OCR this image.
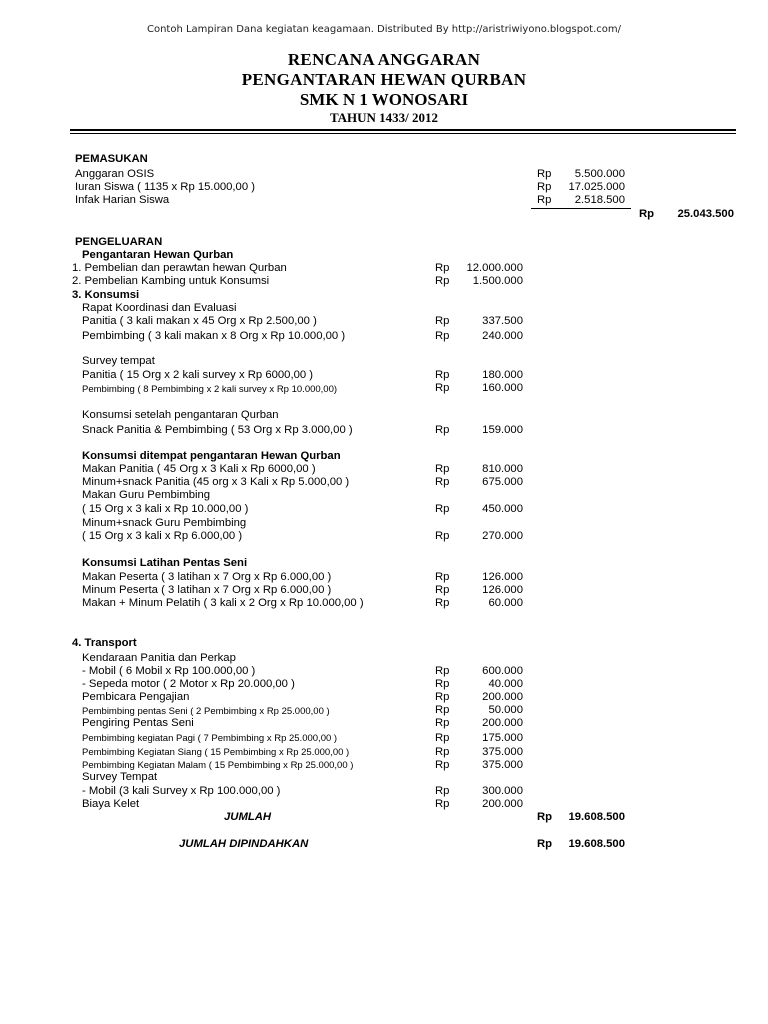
Contoh Lampiran Dana kegiatan keagamaan. Distributed By http://aristriwiyono.blogspot.com/
RENCANA ANGGARAN
PENGANTARAN HEWAN QURBAN
SMK N 1 WONOSARI
TAHUN 1433/ 2012
PEMASUKAN
Anggaran OSIS	Rp	5.500.000
Iuran Siswa ( 1135 x Rp 15.000,00 )	Rp	17.025.000
Infak Harian Siswa	Rp	2.518.500
Rp	25.043.500
PENGELUARAN
Pengantaran Hewan Qurban
1. Pembelian dan perawtan hewan Qurban	Rp	12.000.000
2. Pembelian Kambing untuk Konsumsi	Rp	1.500.000
3. Konsumsi
Rapat Koordinasi dan Evaluasi
Panitia ( 3 kali makan x 45 Org x Rp 2.500,00 )	Rp	337.500
Pembimbing ( 3 kali makan x 8 Org x Rp 10.000,00 )	Rp	240.000
Survey tempat
Panitia ( 15 Org x 2 kali survey x Rp 6000,00 )	Rp	180.000
Pembimbing ( 8 Pembimbing x 2 kali survey x Rp 10.000,00)	Rp	160.000
Konsumsi setelah pengantaran Qurban
Snack Panitia & Pembimbing ( 53 Org x Rp 3.000,00 )	Rp	159.000
Konsumsi ditempat pengantaran Hewan Qurban
Makan Panitia ( 45 Org x 3 Kali x Rp 6000,00 )	Rp	810.000
Minum+snack Panitia (45 org x 3 Kali x Rp 5.000,00 )	Rp	675.000
Makan Guru Pembimbing
( 15 Org x 3 kali x Rp 10.000,00 )	Rp	450.000
Minum+snack Guru Pembimbing
( 15 Org x 3 kali x Rp 6.000,00 )	Rp	270.000
Konsumsi Latihan Pentas Seni
Makan Peserta ( 3 latihan x 7 Org x Rp 6.000,00 )	Rp	126.000
Minum Peserta ( 3 latihan x 7 Org x Rp 6.000,00 )	Rp	126.000
Makan + Minum Pelatih ( 3 kali x 2 Org x Rp 10.000,00 )	Rp	60.000
4. Transport
Kendaraan Panitia dan Perkap
- Mobil ( 6 Mobil x Rp 100.000,00 )	Rp	600.000
- Sepeda motor ( 2 Motor x Rp 20.000,00 )	Rp	40.000
Pembicara Pengajian	Rp	200.000
Pembimbing pentas Seni ( 2 Pembimbing x Rp 25.000,00 )	Rp	50.000
Pengiring Pentas Seni	Rp	200.000
Pembimbing kegiatan Pagi ( 7 Pembimbing x Rp 25.000,00 )	Rp	175.000
Pembimbing Kegiatan Siang ( 15 Pembimbing x Rp 25.000,00 )	Rp	375.000
Pembimbing Kegiatan Malam ( 15 Pembimbing x Rp 25.000,00 )	Rp	375.000
Survey Tempat
- Mobil (3 kali Survey x Rp 100.000,00 )	Rp	300.000
Biaya Kelet	Rp	200.000
JUMLAH	Rp	19.608.500
JUMLAH DIPINDAHKAN	Rp	19.608.500
